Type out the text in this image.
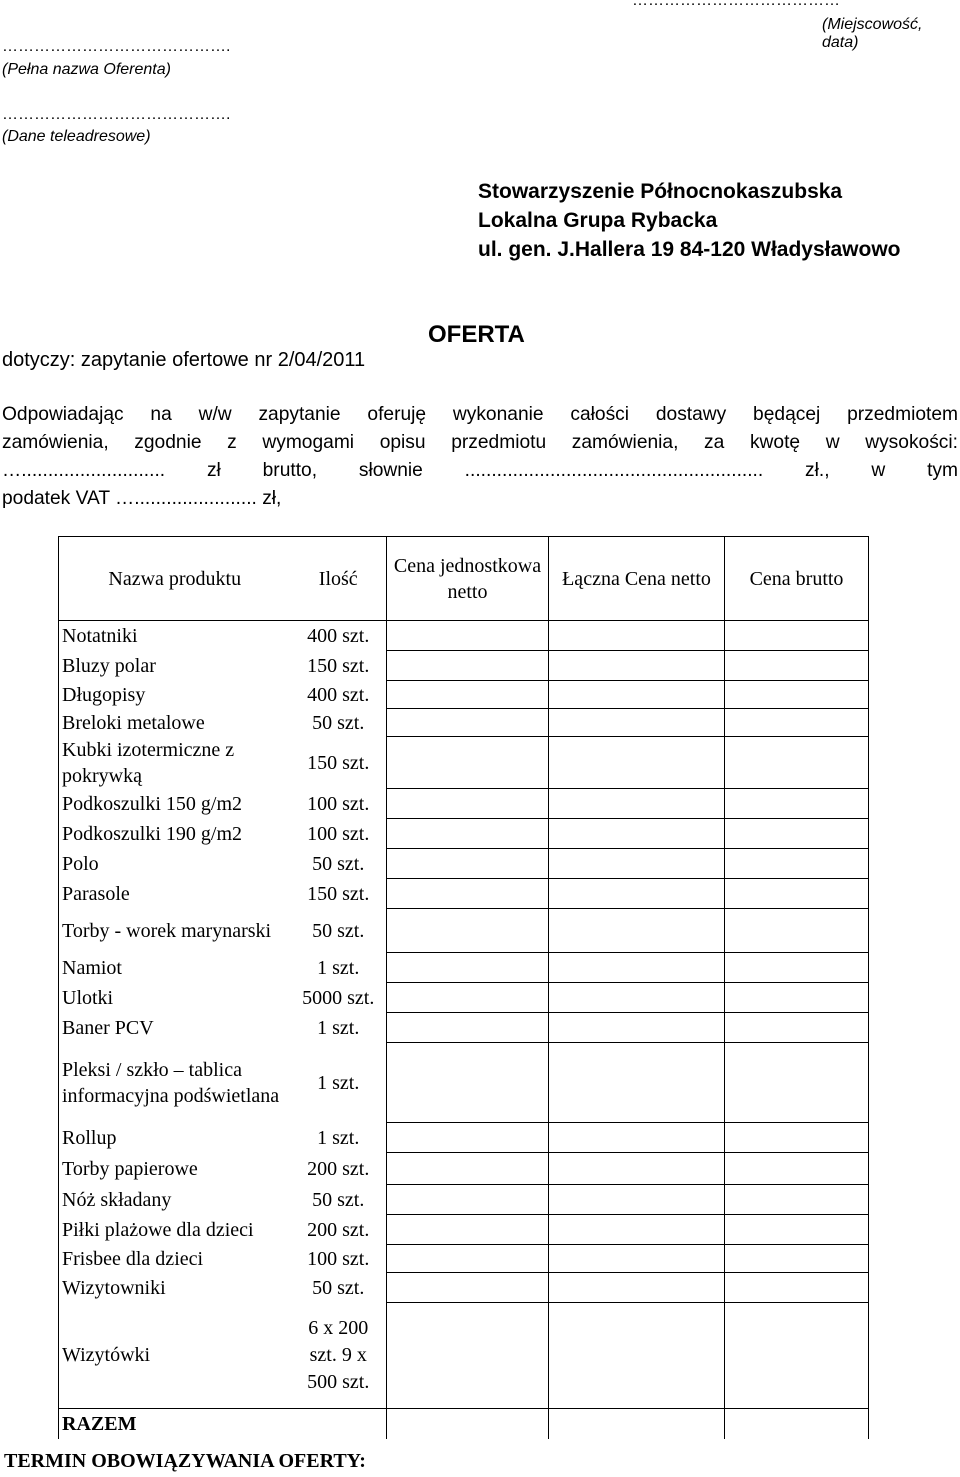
…………………………………
(Miejscowość, data)
…………………………………….
(Pełna nazwa Oferenta)
…………………………………….
(Dane teleadresowe)
Stowarzyszenie Północnokaszubska
Lokalna Grupa Rybacka
ul. gen. J.Hallera 19 84-120 Władysławowo
OFERTA
dotyczy: zapytanie ofertowe nr 2/04/2011
Odpowiadając na w/w zapytanie oferuję wykonanie całości dostawy będącej przedmiotem
zamówienia, zgodnie z wymogami opisu przedmiotu zamówienia, za kwotę w wysokości:
…........................... zł brutto, słownie ........................................................ zł., w tym
podatek VAT …....................... zł,
Nazwa produktu	Ilość	Cena jednostkowa netto	Łączna Cena netto	Cena brutto
Notatniki	400 szt.			
Bluzy polar	150 szt.			
Długopisy	400 szt.			
Breloki metalowe	50 szt.			
Kubki izotermiczne z pokrywką	150 szt.			
Podkoszulki 150 g/m2	100 szt.			
Podkoszulki 190 g/m2	100 szt.			
Polo	50 szt.			
Parasole	150 szt.			
Torby - worek marynarski	50 szt.			
Namiot	1 szt.			
Ulotki	5000 szt.			
Baner PCV	1 szt.			
Pleksi / szkło – tablica informacyjna podświetlana	1 szt.			
Rollup	1 szt.			
Torby papierowe	200 szt.			
Nóż składany	50 szt.			
Piłki plażowe dla dzieci	200 szt.			
Frisbee dla dzieci	100 szt.			
Wizytowniki	50 szt.			
Wizytówki	6 x 200 szt. 9 x 500 szt.			
RAZEM				
TERMIN OBOWIĄZYWANIA OFERTY:
